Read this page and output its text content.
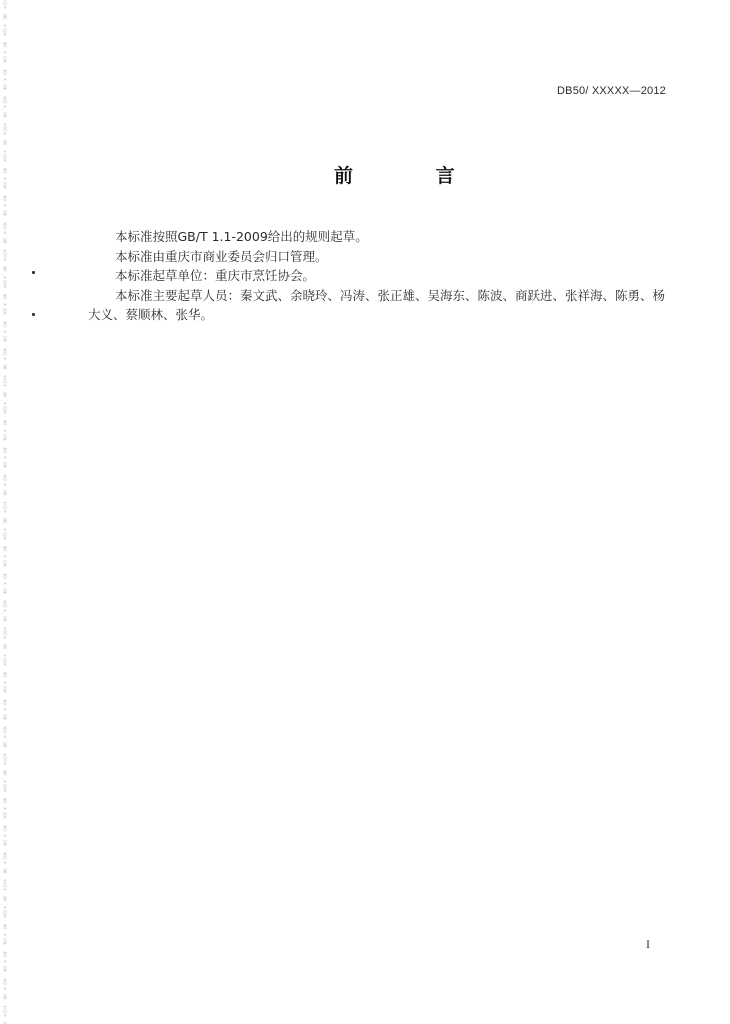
DB50/ XXXXX—2012
前 言

本标准按照GB/T 1.1-2009给出的规则起草。

本标准由重庆市商业委员会归口管理。

本标准起草单位：重庆市烹饪协会。

本标准主要起草人员：秦文武、余晓玲、冯涛、张正雄、吴海东、陈波、商跃进、张祥海、陈勇、杨大义、蔡顺林、张华。

I
